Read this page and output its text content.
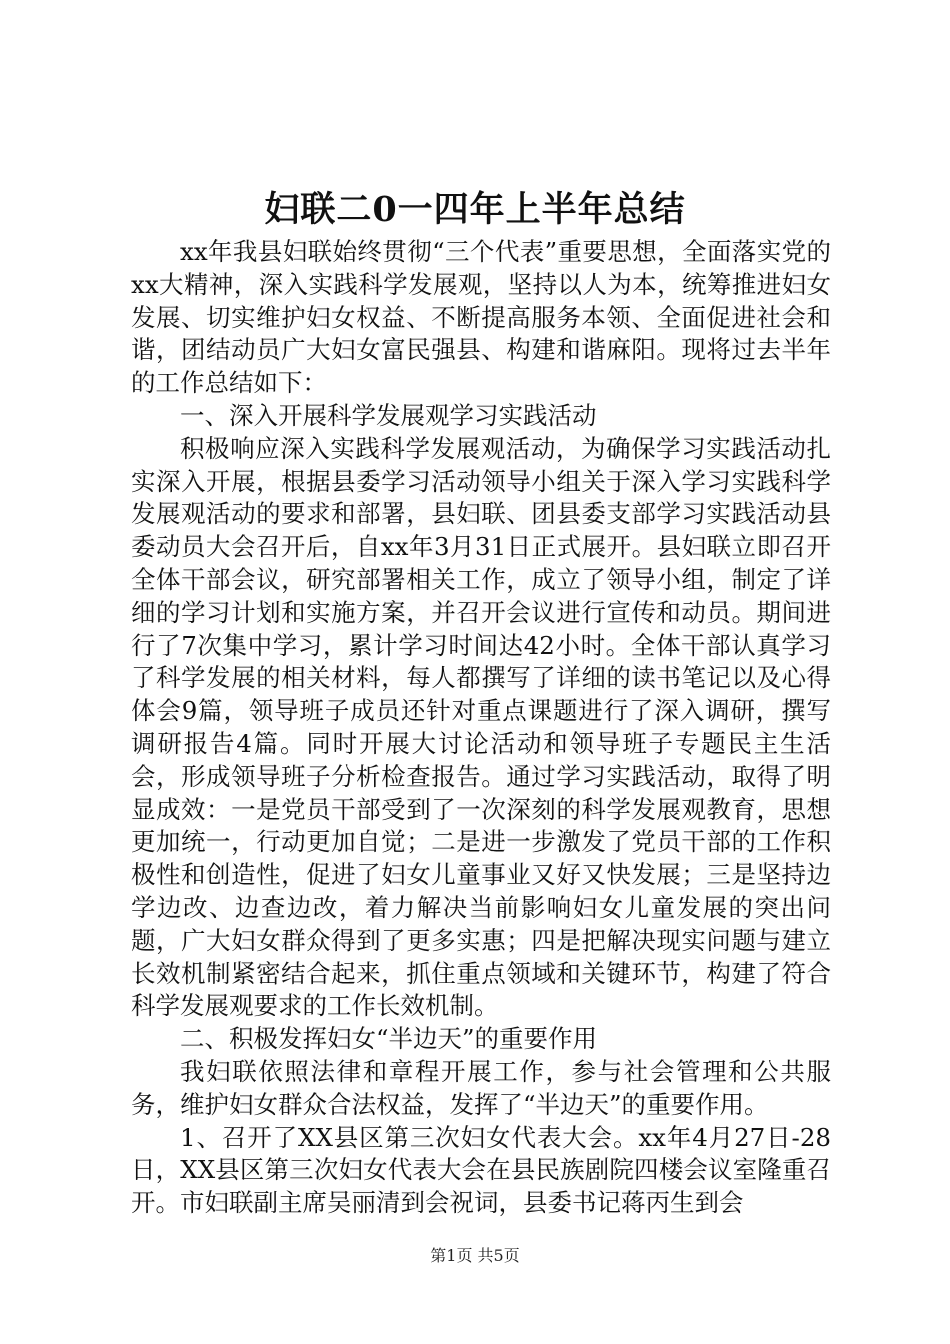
妇联二0一四年上半年总结

xx年我县妇联始终贯彻“三个代表”重要思想，全面落实党的xx大精神，深入实践科学发展观，坚持以人为本，统筹推进妇女发展、切实维护妇女权益、不断提高服务本领、全面促进社会和谐，团结动员广大妇女富民强县、构建和谐麻阳。现将过去半年的工作总结如下：

一、深入开展科学发展观学习实践活动

积极响应深入实践科学发展观活动，为确保学习实践活动扎实深入开展，根据县委学习活动领导小组关于深入学习实践科学发展观活动的要求和部署，县妇联、团县委支部学习实践活动县委动员大会召开后，自xx年3月31日正式展开。县妇联立即召开全体干部会议，研究部署相关工作，成立了领导小组，制定了详细的学习计划和实施方案，并召开会议进行宣传和动员。期间进行了7次集中学习，累计学习时间达42小时。全体干部认真学习了科学发展的相关材料，每人都撰写了详细的读书笔记以及心得体会9篇，领导班子成员还针对重点课题进行了深入调研，撰写调研报告4篇。同时开展大讨论活动和领导班子专题民主生活会，形成领导班子分析检查报告。通过学习实践活动，取得了明显成效：一是党员干部受到了一次深刻的科学发展观教育，思想更加统一，行动更加自觉；二是进一步激发了党员干部的工作积极性和创造性，促进了妇女儿童事业又好又快发展；三是坚持边学边改、边查边改，着力解决当前影响妇女儿童发展的突出问题，广大妇女群众得到了更多实惠；四是把解决现实问题与建立长效机制紧密结合起来，抓住重点领域和关键环节，构建了符合科学发展观要求的工作长效机制。

二、积极发挥妇女“半边天”的重要作用

我妇联依照法律和章程开展工作，参与社会管理和公共服务，维护妇女群众合法权益，发挥了“半边天”的重要作用。

1、召开了XX县区第三次妇女代表大会。xx年4月27日-28日，XX县区第三次妇女代表大会在县民族剧院四楼会议室隆重召开。市妇联副主席吴丽清到会祝词，县委书记蒋丙生到会

第1页 共5页
